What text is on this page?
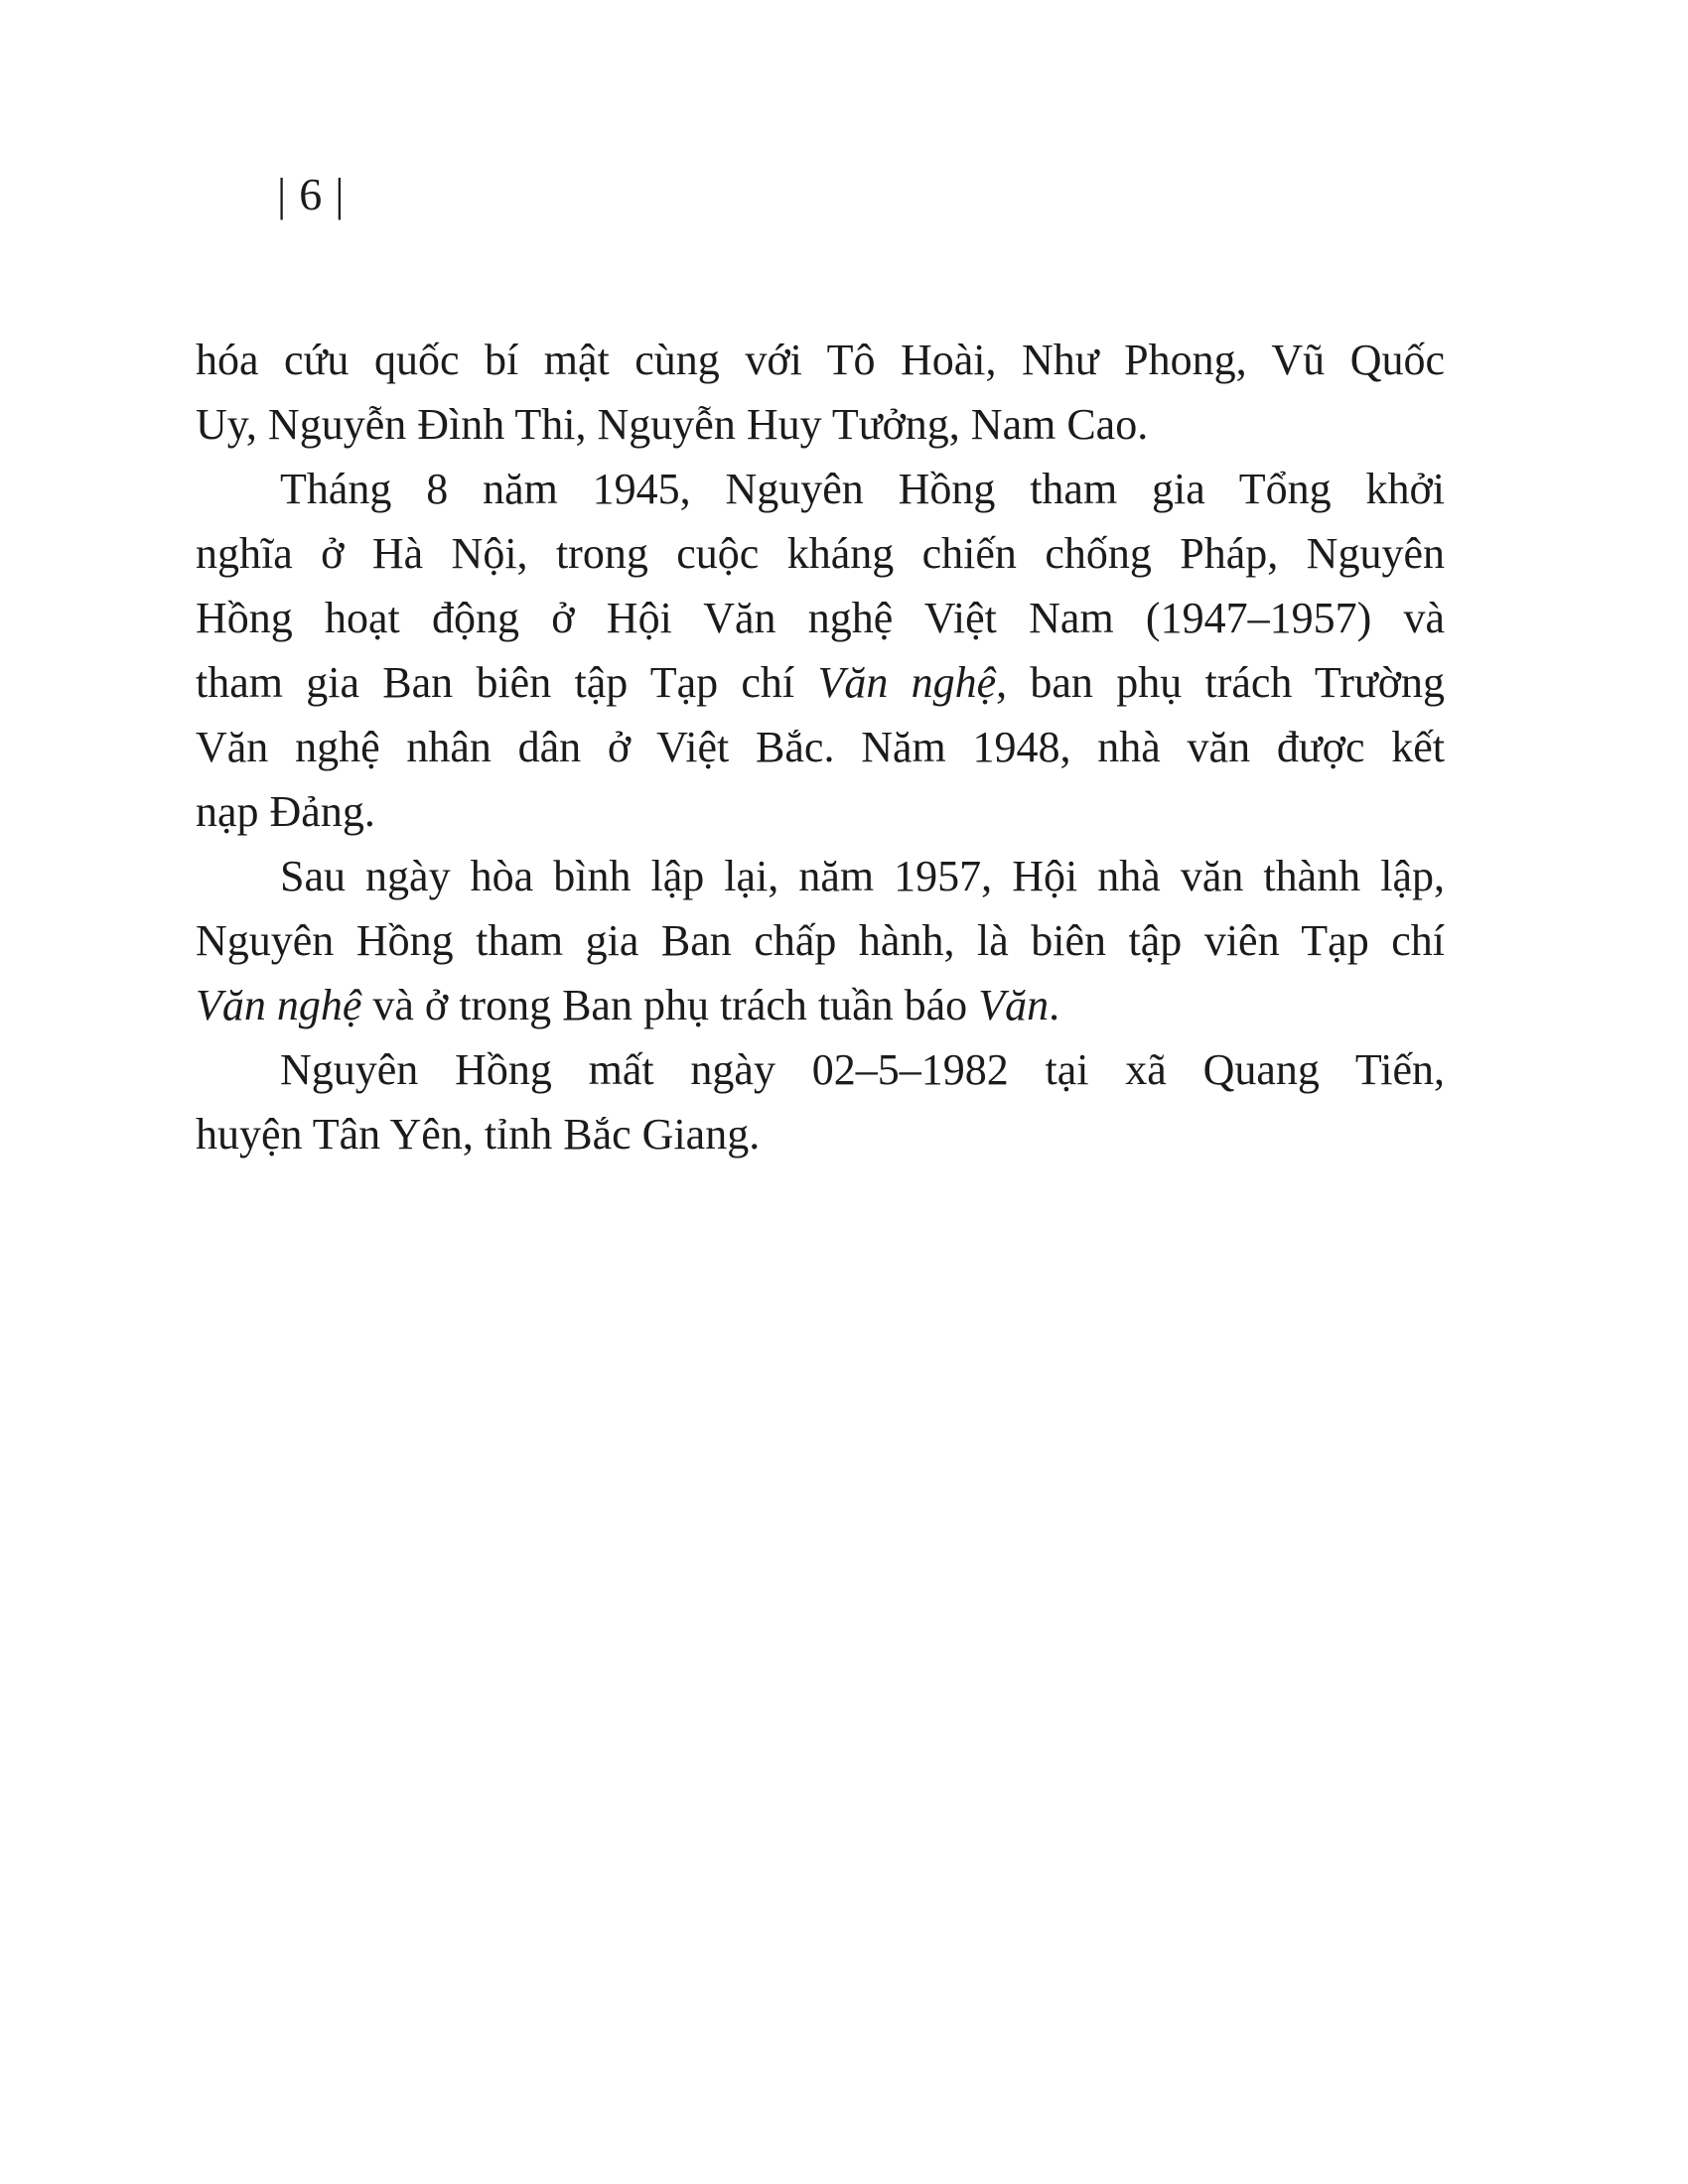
| 6 |
hóa cứu quốc bí mật cùng với Tô Hoài, Như Phong, Vũ Quốc
Uy, Nguyễn Đình Thi, Nguyễn Huy Tưởng, Nam Cao.
Tháng 8 năm 1945, Nguyên Hồng tham gia Tổng khởi
nghĩa ở Hà Nội, trong cuộc kháng chiến chống Pháp, Nguyên
Hồng hoạt động ở Hội Văn nghệ Việt Nam (1947–1957) và
tham gia Ban biên tập Tạp chí Văn nghệ, ban phụ trách Trường
Văn nghệ nhân dân ở Việt Bắc. Năm 1948, nhà văn được kết
nạp Đảng.
Sau ngày hòa bình lập lại, năm 1957, Hội nhà văn thành lập,
Nguyên Hồng tham gia Ban chấp hành, là biên tập viên Tạp chí
Văn nghệ và ở trong Ban phụ trách tuần báo Văn.
Nguyên Hồng mất ngày 02–5–1982 tại xã Quang Tiến,
huyện Tân Yên, tỉnh Bắc Giang.
